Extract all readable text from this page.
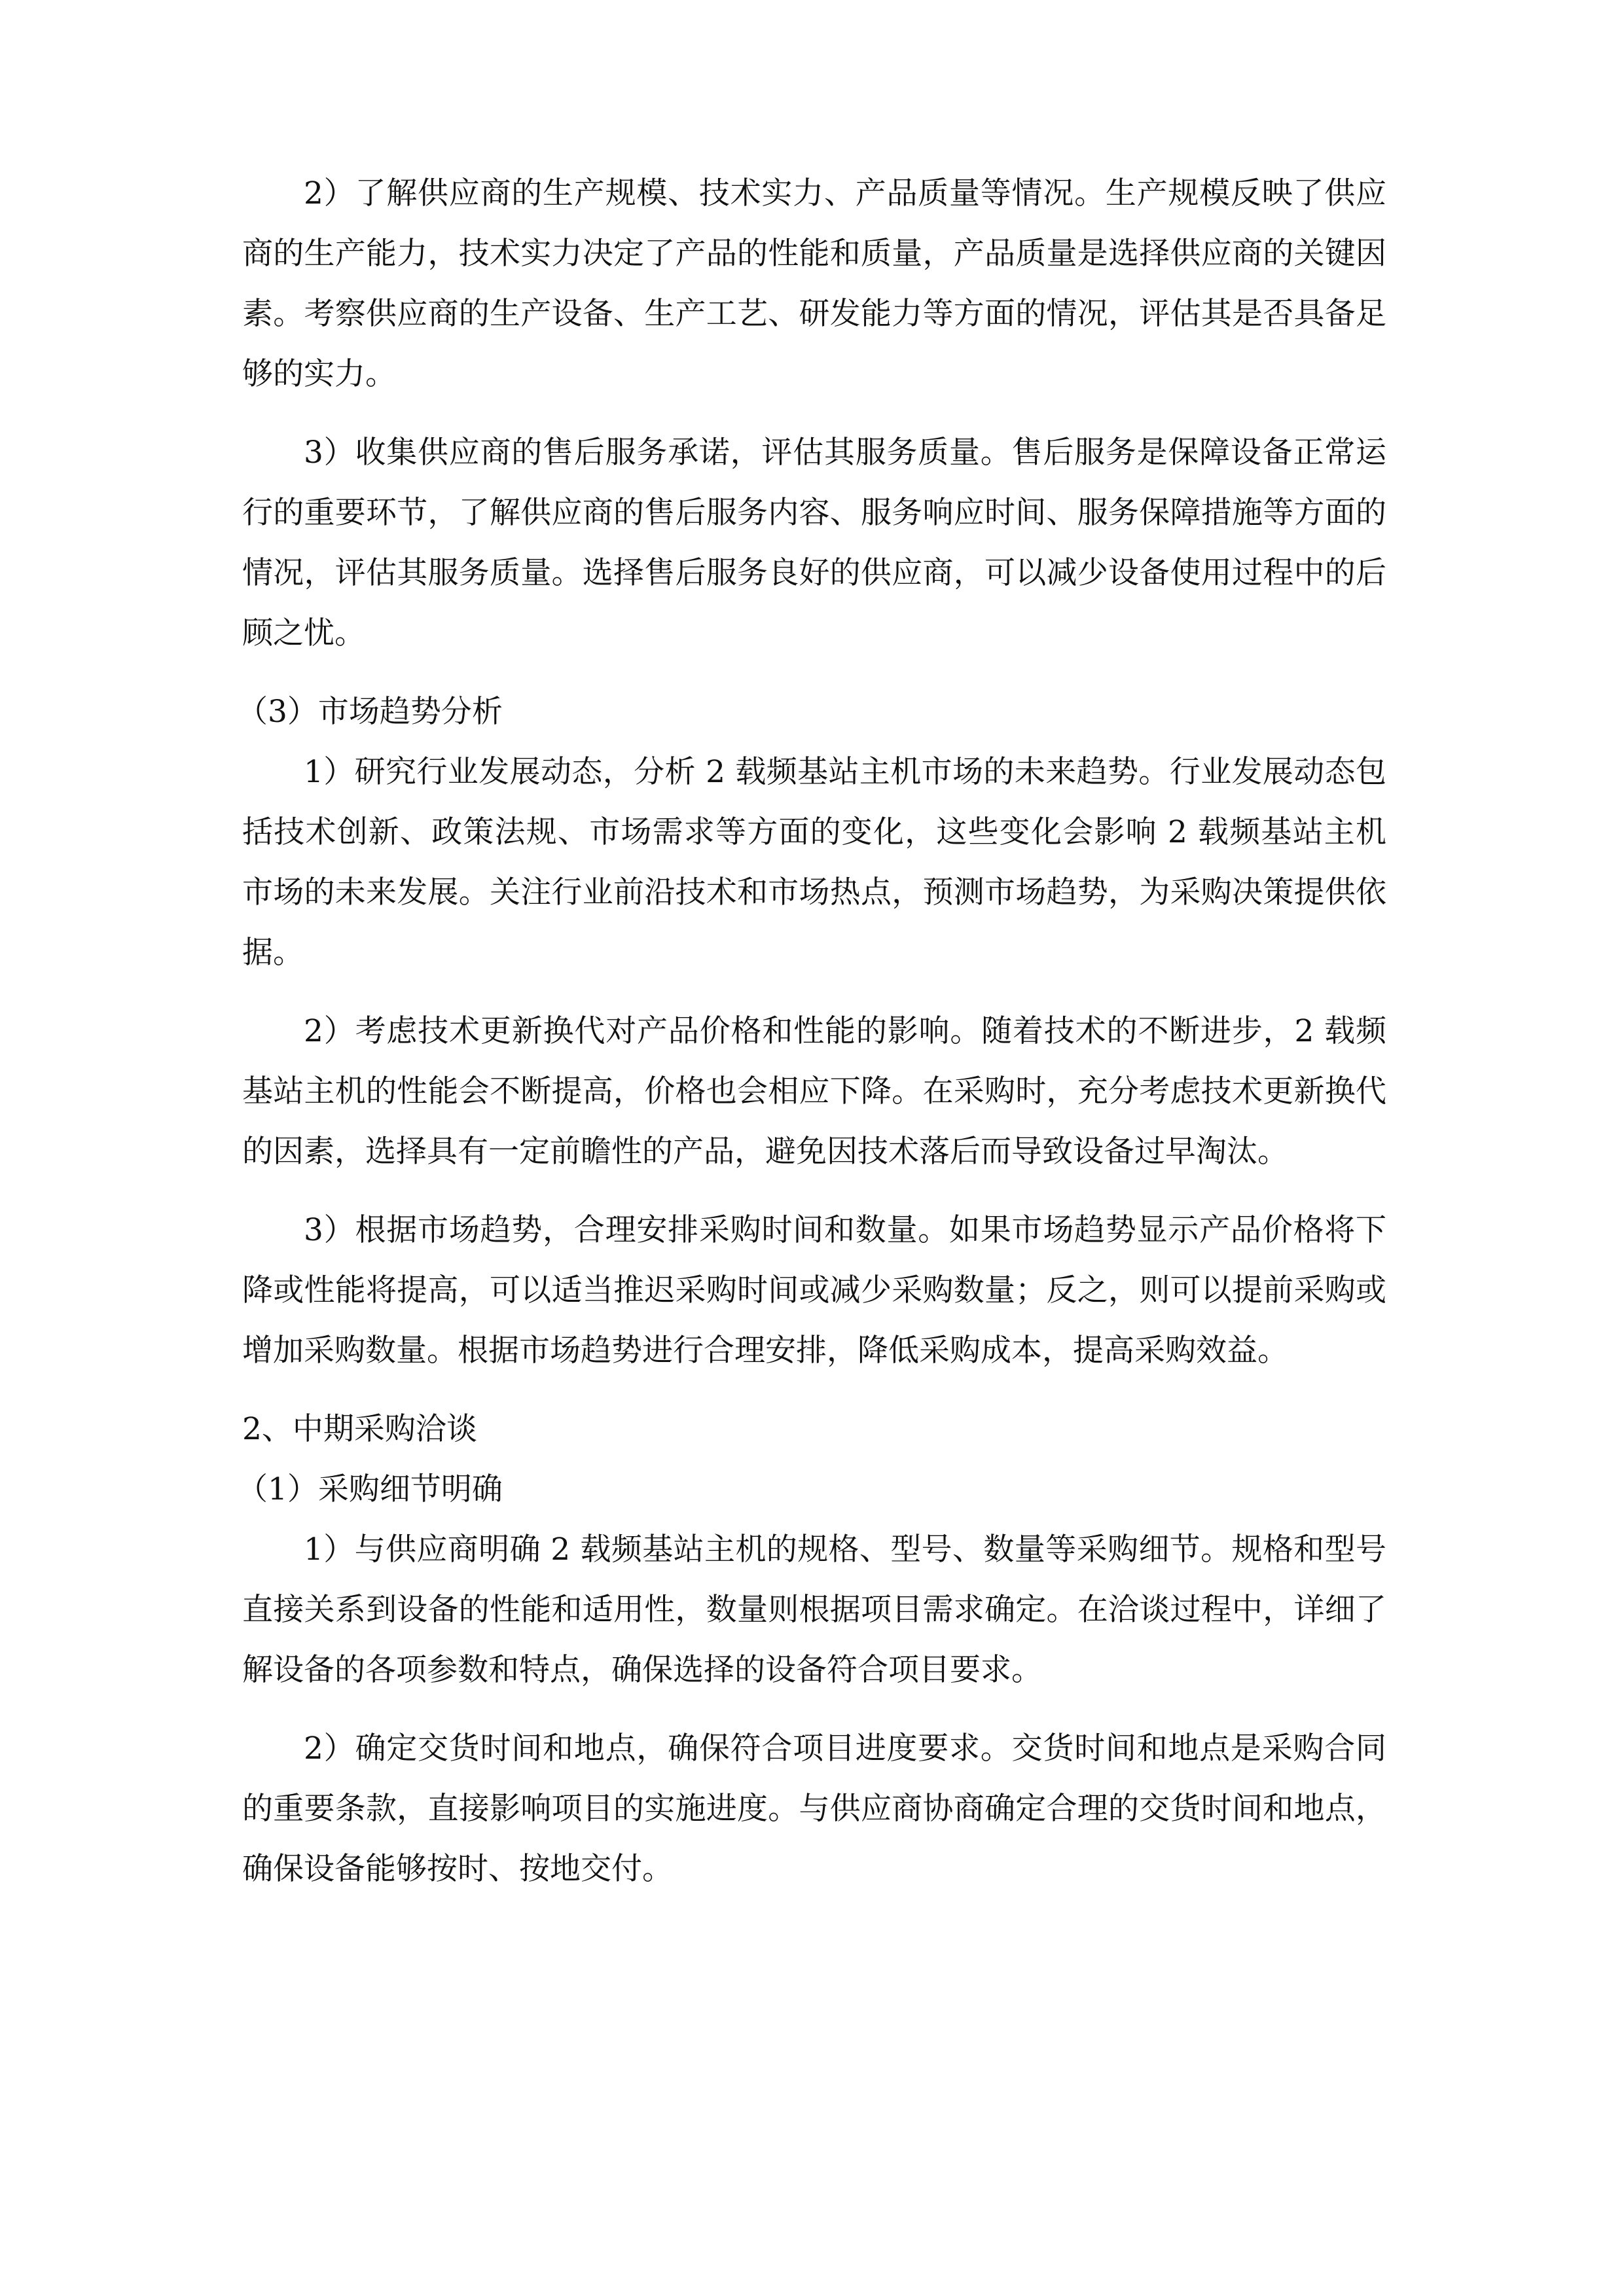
2）了解供应商的生产规模、技术实力、产品质量等情况。生产规模反映了供应商的生产能力，技术实力决定了产品的性能和质量，产品质量是选择供应商的关键因素。考察供应商的生产设备、生产工艺、研发能力等方面的情况，评估其是否具备足够的实力。

3）收集供应商的售后服务承诺，评估其服务质量。售后服务是保障设备正常运行的重要环节，了解供应商的售后服务内容、服务响应时间、服务保障措施等方面的情况，评估其服务质量。选择售后服务良好的供应商，可以减少设备使用过程中的后顾之忧。

（3）市场趋势分析

1）研究行业发展动态，分析 2 载频基站主机市场的未来趋势。行业发展动态包括技术创新、政策法规、市场需求等方面的变化，这些变化会影响 2 载频基站主机市场的未来发展。关注行业前沿技术和市场热点，预测市场趋势，为采购决策提供依据。

2）考虑技术更新换代对产品价格和性能的影响。随着技术的不断进步，2 载频基站主机的性能会不断提高，价格也会相应下降。在采购时，充分考虑技术更新换代的因素，选择具有一定前瞻性的产品，避免因技术落后而导致设备过早淘汰。

3）根据市场趋势，合理安排采购时间和数量。如果市场趋势显示产品价格将下降或性能将提高，可以适当推迟采购时间或减少采购数量；反之，则可以提前采购或增加采购数量。根据市场趋势进行合理安排，降低采购成本，提高采购效益。

2、中期采购洽谈

（1）采购细节明确

1）与供应商明确 2 载频基站主机的规格、型号、数量等采购细节。规格和型号直接关系到设备的性能和适用性，数量则根据项目需求确定。在洽谈过程中，详细了解设备的各项参数和特点，确保选择的设备符合项目要求。

2）确定交货时间和地点，确保符合项目进度要求。交货时间和地点是采购合同的重要条款，直接影响项目的实施进度。与供应商协商确定合理的交货时间和地点，确保设备能够按时、按地交付。
